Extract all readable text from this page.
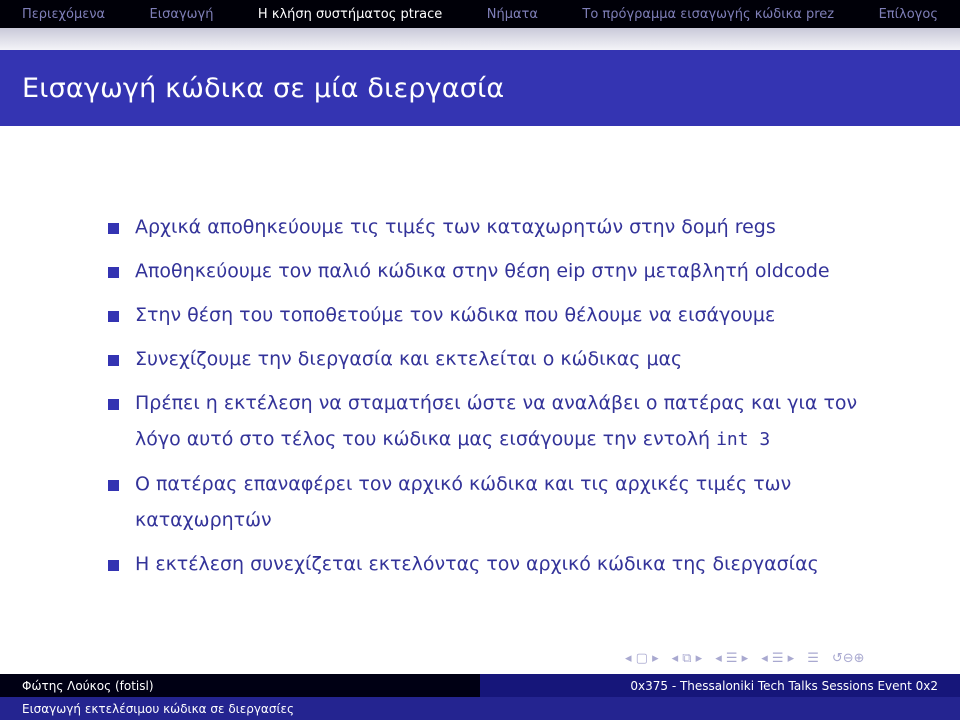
Περιεχόμενα	Εισαγωγή	Η κλήση συστήματος ptrace	Νήματα	Το πρόγραμμα εισαγωγής κώδικα prez	Επίλογος
Εισαγωγή κώδικα σε μία διεργασία
Αρχικά αποθηκεύουμε τις τιμές των καταχωρητών στην δομή regs
Αποθηκεύουμε τον παλιό κώδικα στην θέση eip στην μεταβλητή oldcode
Στην θέση του τοποθετούμε τον κώδικα που θέλουμε να εισάγουμε
Συνεχίζουμε την διεργασία και εκτελείται ο κώδικας μας
Πρέπει η εκτέλεση να σταματήσει ώστε να αναλάβει ο πατέρας και για τον λόγο αυτό στο τέλος του κώδικα μας εισάγουμε την εντολή int 3
Ο πατέρας επαναφέρει τον αρχικό κώδικα και τις αρχικές τιμές των καταχωρητών
Η εκτέλεση συνεχίζεται εκτελόντας τον αρχικό κώδικα της διεργασίας
◂ ▢ ▸ ◂ ⧉ ▸ ◂ ☰ ▸ ◂ ☰ ▸ ☰ ↺⊖⊕
Φώτης Λούκος (fotisl)	0x375 - Thessaloniki Tech Talks Sessions Event 0x2
Εισαγωγή εκτελέσιμου κώδικα σε διεργασίες
